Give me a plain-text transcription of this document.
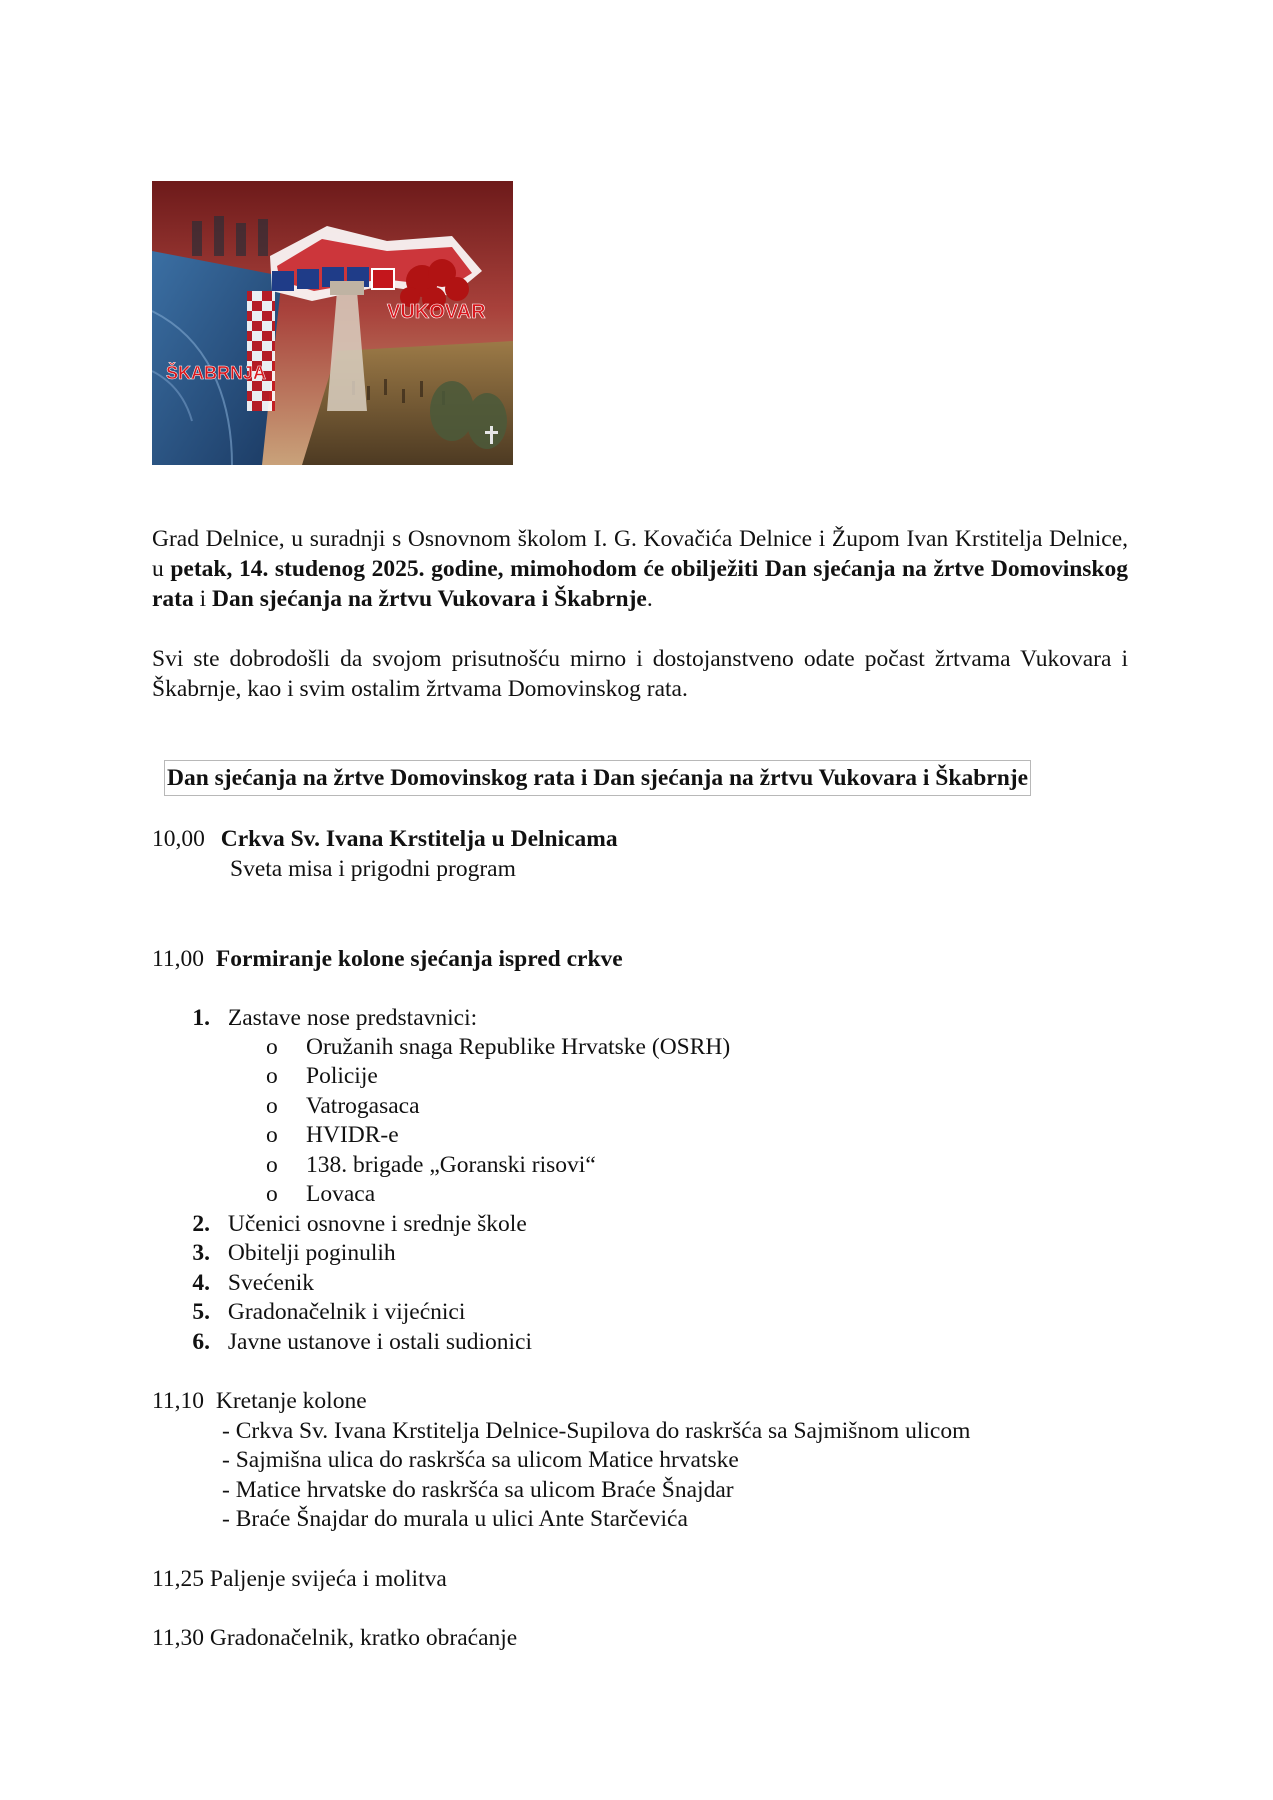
VUKOVAR
ŠKABRNJA

Grad Delnice, u suradnji s Osnovnom školom I. G. Kovačića Delnice i Župom Ivan Krstitelja Delnice, u petak, 14. studenog 2025. godine, mimohodom će obilježiti Dan sjećanja na žrtve Domovinskog rata i Dan sjećanja na žrtvu Vukovara i Škabrnje.

Svi ste dobrodošli da svojom prisutnošću mirno i dostojanstveno odate počast žrtvama Vukovara i Škabrnje, kao i svim ostalim žrtvama Domovinskog rata.

Dan sjećanja na žrtve Domovinskog rata i Dan sjećanja na žrtvu Vukovara i Škabrnje
10,00 Crkva Sv. Ivana Krstitelja u Delnicama
Sveta misa i prigodni program
11,00 Formiranje kolone sjećanja ispred crkve
1. Zastave nose predstavnici:
o Oružanih snaga Republike Hrvatske (OSRH)
o Policije
o Vatrogasaca
o HVIDR-e
o 138. brigade „Goranski risovi“
o Lovaca
2. Učenici osnovne i srednje škole
3. Obitelji poginulih
4. Svećenik
5. Gradonačelnik i vijećnici
6. Javne ustanove i ostali sudionici
11,10 Kretanje kolone
- Crkva Sv. Ivana Krstitelja Delnice-Supilova do raskršća sa Sajmišnom ulicom
- Sajmišna ulica do raskršća sa ulicom Matice hrvatske
- Matice hrvatske do raskršća sa ulicom Braće Šnajdar
- Braće Šnajdar do murala u ulici Ante Starčevića
11,25 Paljenje svijeća i molitva
11,30 Gradonačelnik, kratko obraćanje
